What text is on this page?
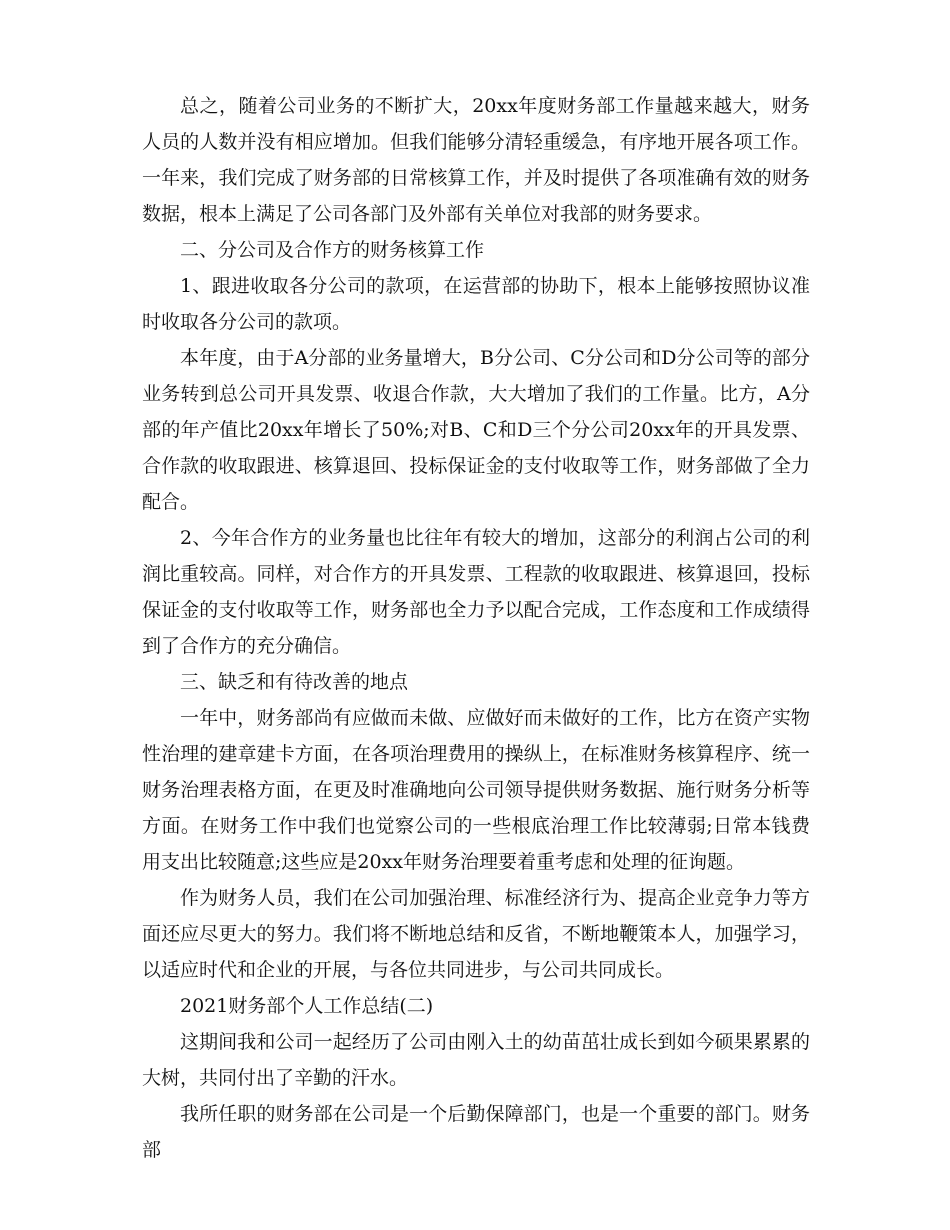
总之，随着公司业务的不断扩大，20xx年度财务部工作量越来越大，财务人员的人数并没有相应增加。但我们能够分清轻重缓急，有序地开展各项工作。一年来，我们完成了财务部的日常核算工作，并及时提供了各项准确有效的财务数据，根本上满足了公司各部门及外部有关单位对我部的财务要求。

二、分公司及合作方的财务核算工作

1、跟进收取各分公司的款项，在运营部的协助下，根本上能够按照协议准时收取各分公司的款项。

本年度，由于A分部的业务量增大，B分公司、C分公司和D分公司等的部分业务转到总公司开具发票、收退合作款，大大增加了我们的工作量。比方，A分部的年产值比20xx年增长了50%;对B、C和D三个分公司20xx年的开具发票、合作款的收取跟进、核算退回、投标保证金的支付收取等工作，财务部做了全力配合。

2、今年合作方的业务量也比往年有较大的增加，这部分的利润占公司的利润比重较高。同样，对合作方的开具发票、工程款的收取跟进、核算退回，投标保证金的支付收取等工作，财务部也全力予以配合完成，工作态度和工作成绩得到了合作方的充分确信。

三、缺乏和有待改善的地点

一年中，财务部尚有应做而未做、应做好而未做好的工作，比方在资产实物性治理的建章建卡方面，在各项治理费用的操纵上，在标准财务核算程序、统一财务治理表格方面，在更及时准确地向公司领导提供财务数据、施行财务分析等方面。在财务工作中我们也觉察公司的一些根底治理工作比较薄弱;日常本钱费用支出比较随意;这些应是20xx年财务治理要着重考虑和处理的征询题。

作为财务人员，我们在公司加强治理、标准经济行为、提高企业竞争力等方面还应尽更大的努力。我们将不断地总结和反省，不断地鞭策本人，加强学习，以适应时代和企业的开展，与各位共同进步，与公司共同成长。

2021财务部个人工作总结(二)

这期间我和公司一起经历了公司由刚入土的幼苗茁壮成长到如今硕果累累的大树，共同付出了辛勤的汗水。

我所任职的财务部在公司是一个后勤保障部门，也是一个重要的部门。财务部
